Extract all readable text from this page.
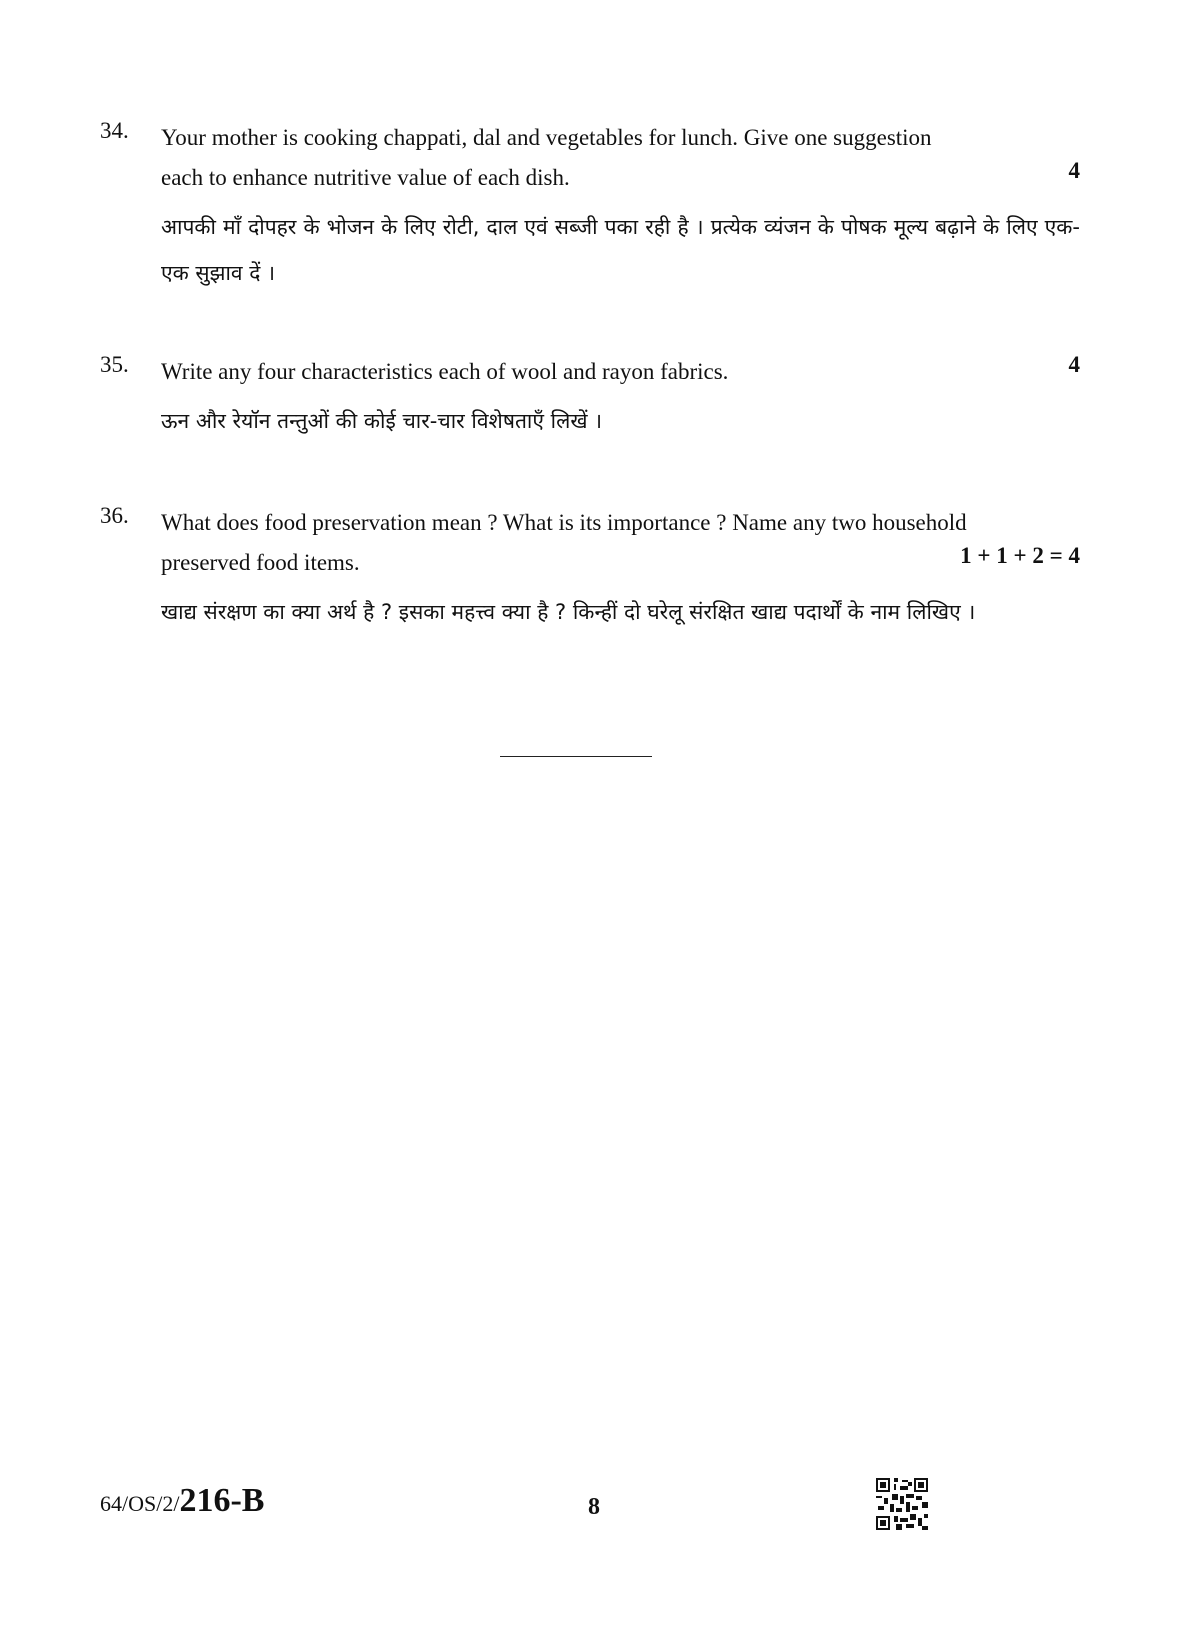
34. Your mother is cooking chappati, dal and vegetables for lunch. Give one suggestion
each to enhance nutritive value of each dish.
आपकी माँ दोपहर के भोजन के लिए रोटी, दाल एवं सब्जी पका रही है । प्रत्येक व्यंजन के पोषक मूल्य बढ़ाने के लिए एक-एक सुझाव दें ।
4
35. Write any four characteristics each of wool and rayon fabrics.
ऊन और रेयॉन तन्तुओं की कोई चार-चार विशेषताएँ लिखें ।
4
36. What does food preservation mean ? What is its importance ? Name any two household
preserved food items.
खाद्य संरक्षण का क्या अर्थ है ? इसका महत्त्व क्या है ? किन्हीं दो घरेलू संरक्षित खाद्य पदार्थों के नाम लिखिए ।
1 + 1 + 2 = 4
64/OS/2/216-B	8
